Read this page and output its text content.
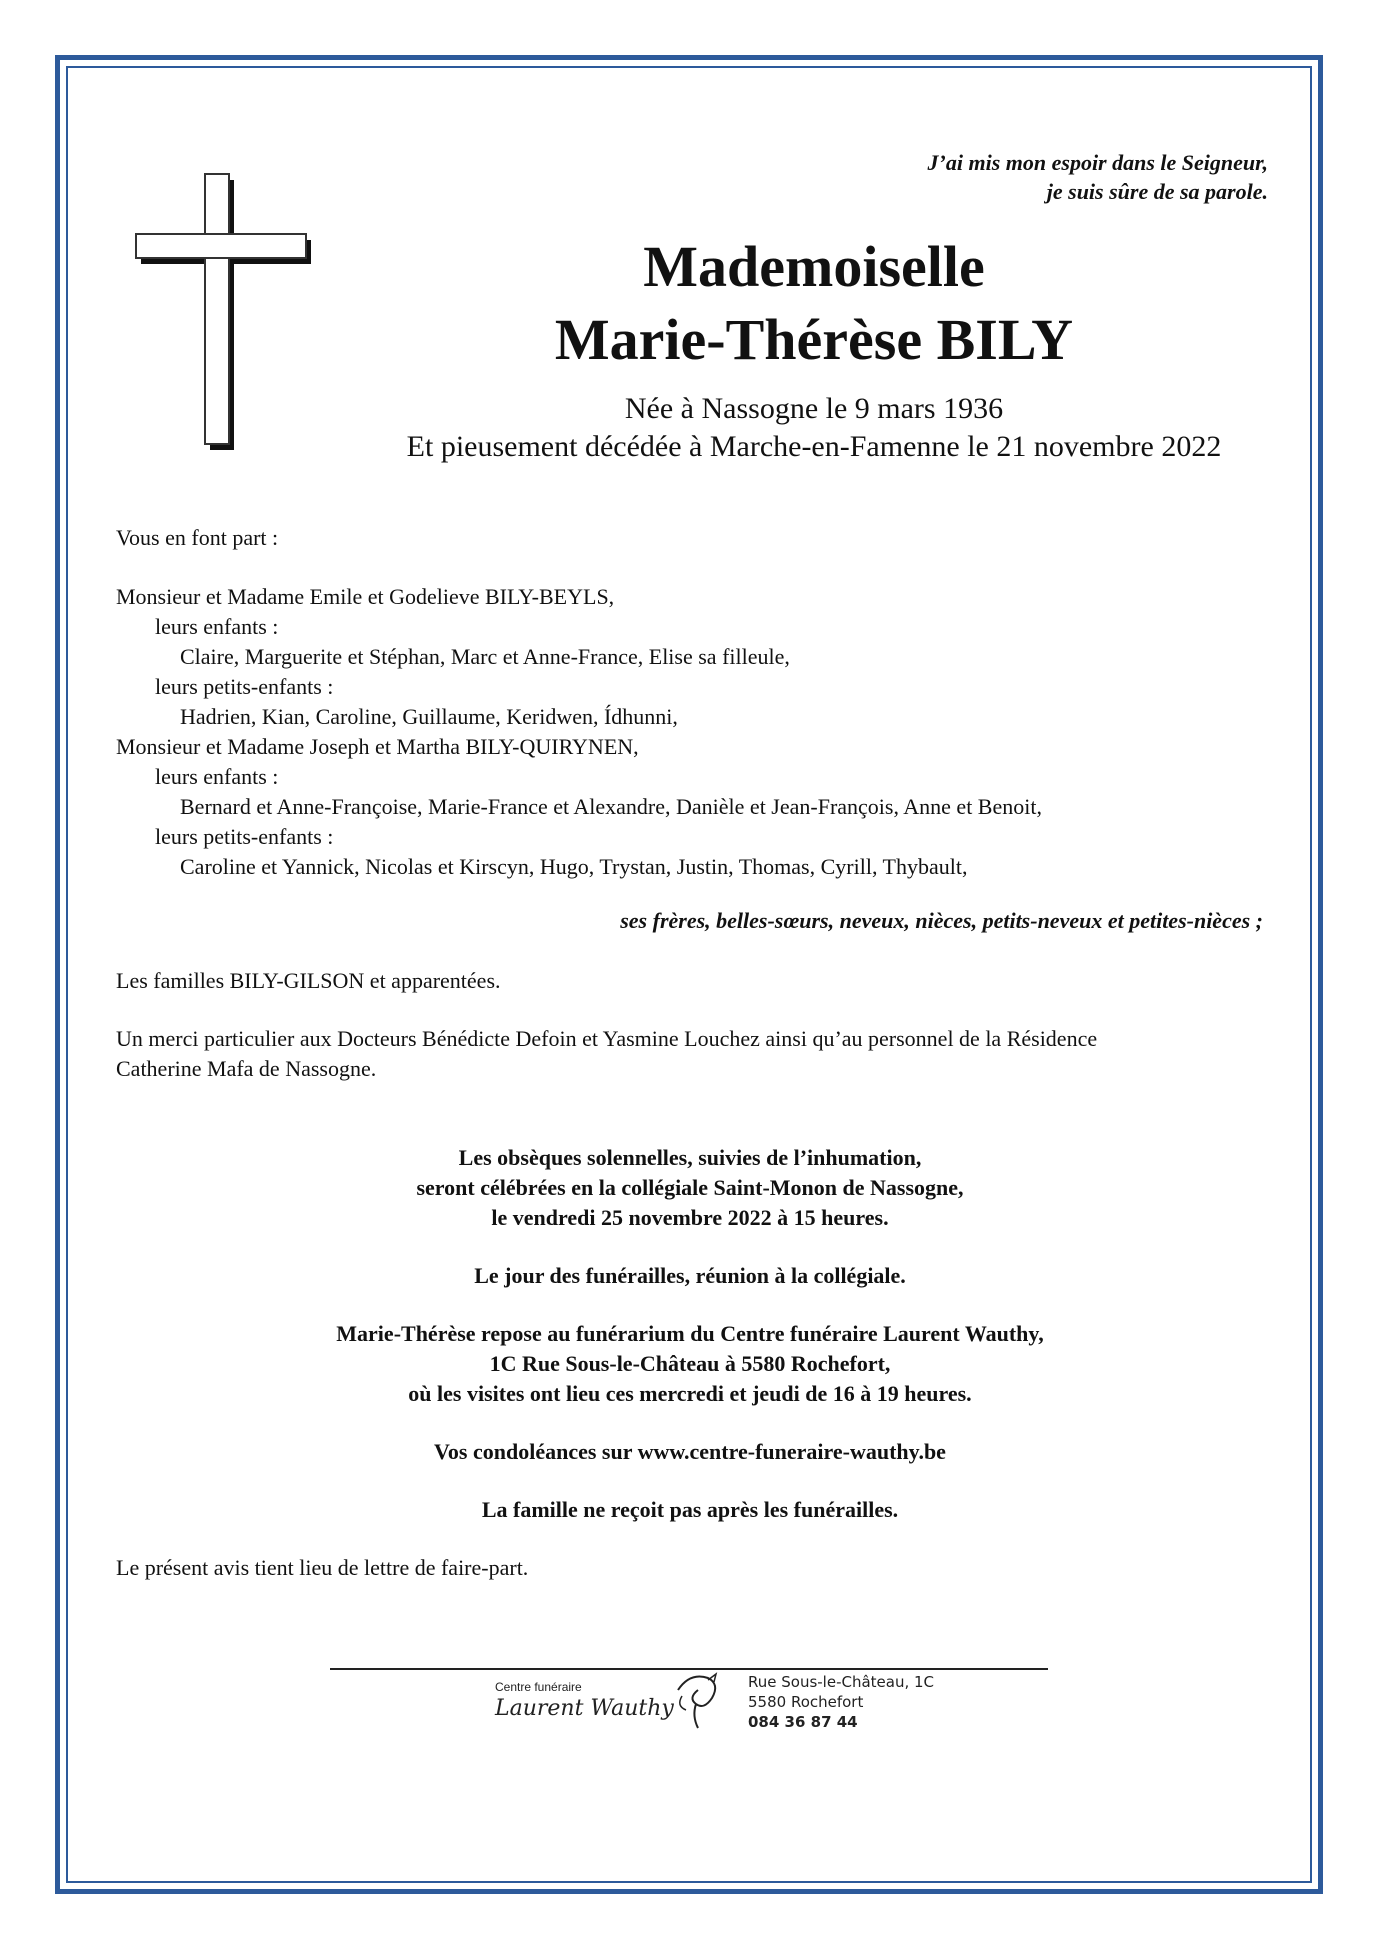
J’ai mis mon espoir dans le Seigneur,
je suis sûre de sa parole.
Mademoiselle
Marie-Thérèse BILY
Née à Nassogne le 9 mars 1936
Et pieusement décédée à Marche-en-Famenne le 21 novembre 2022
Vous en font part :
Monsieur et Madame Emile et Godelieve BILY-BEYLS,
leurs enfants :
Claire, Marguerite et Stéphan, Marc et Anne-France, Elise sa filleule,
leurs petits-enfants :
Hadrien, Kian, Caroline, Guillaume, Keridwen, Ídhunni,
Monsieur et Madame Joseph et Martha BILY-QUIRYNEN,
leurs enfants :
Bernard et Anne-Françoise, Marie-France et Alexandre, Danièle et Jean-François, Anne et Benoit,
leurs petits-enfants :
Caroline et Yannick, Nicolas et Kirscyn, Hugo, Trystan, Justin, Thomas, Cyrill, Thybault,
ses frères, belles-sœurs, neveux, nièces, petits-neveux et petites-nièces ;
Les familles BILY-GILSON et apparentées.
Un merci particulier aux Docteurs Bénédicte Defoin et Yasmine Louchez ainsi qu’au personnel de la Résidence
Catherine Mafa de Nassogne.
Les obsèques solennelles, suivies de l’inhumation,
seront célébrées en la collégiale Saint-Monon de Nassogne,
le vendredi 25 novembre 2022 à 15 heures.
Le jour des funérailles, réunion à la collégiale.
Marie-Thérèse repose au funérarium du Centre funéraire Laurent Wauthy,
1C Rue Sous-le-Château à 5580 Rochefort,
où les visites ont lieu ces mercredi et jeudi de 16 à 19 heures.
Vos condoléances sur www.centre-funeraire-wauthy.be
La famille ne reçoit pas après les funérailles.
Le présent avis tient lieu de lettre de faire-part.
Centre funéraire
Laurent Wauthy
Rue Sous-le-Château, 1C
5580 Rochefort
084 36 87 44
